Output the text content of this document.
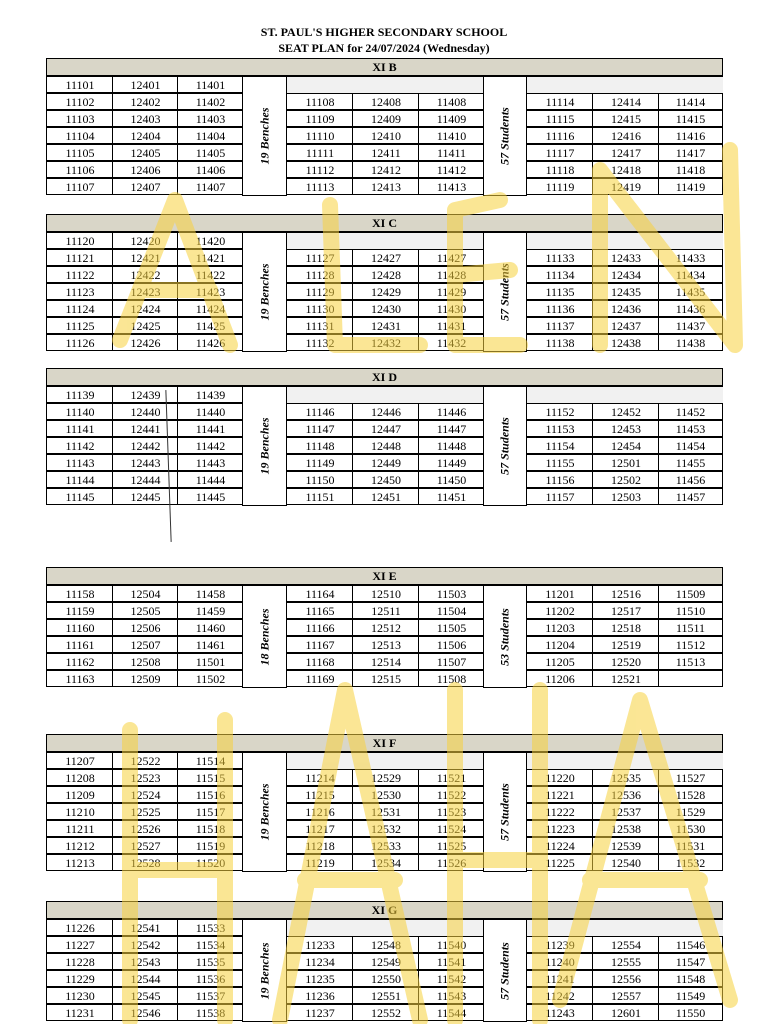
ST. PAUL'S HIGHER SECONDARY SCHOOL
SEAT PLAN for 24/07/2024 (Wednesday)
XI B
11101	12401	11401
11102	12402	11402	11108	12408	11408	11114	12414	11414
11103	12403	11403	11109	12409	11409	11115	12415	11415
11104	12404	11404	11110	12410	11410	11116	12416	11416
11105	12405	11405	11111	12411	11411	11117	12417	11417
11106	12406	11406	11112	12412	11412	11118	12418	11418
11107	12407	11407	11113	12413	11413	11119	12419	11419
19 Benches	57 Students
XI C
11120	12420	11420
11121	12421	11421	11127	12427	11427	11133	12433	11433
11122	12422	11422	11128	12428	11428	11134	12434	11434
11123	12423	11423	11129	12429	11429	11135	12435	11435
11124	12424	11424	11130	12430	11430	11136	12436	11436
11125	12425	11425	11131	12431	11431	11137	12437	11437
11126	12426	11426	11132	12432	11432	11138	12438	11438
19 Benches	57 Students
XI D
11139	12439	11439
11140	12440	11440	11146	12446	11446	11152	12452	11452
11141	12441	11441	11147	12447	11447	11153	12453	11453
11142	12442	11442	11148	12448	11448	11154	12454	11454
11143	12443	11443	11149	12449	11449	11155	12501	11455
11144	12444	11444	11150	12450	11450	11156	12502	11456
11145	12445	11445	11151	12451	11451	11157	12503	11457
19 Benches	57 Students
XI E
11158	12504	11458	11164	12510	11503	11201	12516	11509
11159	12505	11459	11165	12511	11504	11202	12517	11510
11160	12506	11460	11166	12512	11505	11203	12518	11511
11161	12507	11461	11167	12513	11506	11204	12519	11512
11162	12508	11501	11168	12514	11507	11205	12520	11513
11163	12509	11502	11169	12515	11508	11206	12521
18 Benches	53 Students
XI F
11207	12522	11514
11208	12523	11515	11214	12529	11521	11220	12535	11527
11209	12524	11516	11215	12530	11522	11221	12536	11528
11210	12525	11517	11216	12531	11523	11222	12537	11529
11211	12526	11518	11217	12532	11524	11223	12538	11530
11212	12527	11519	11218	12533	11525	11224	12539	11531
11213	12528	11520	11219	12534	11526	11225	12540	11532
19 Benches	57 Students
XI G
11226	12541	11533
11227	12542	11534	11233	12548	11540	11239	12554	11546
11228	12543	11535	11234	12549	11541	11240	12555	11547
11229	12544	11536	11235	12550	11542	11241	12556	11548
11230	12545	11537	11236	12551	11543	11242	12557	11549
11231	12546	11538	11237	12552	11544	11243	12601	11550
19 Benches	57 Students
